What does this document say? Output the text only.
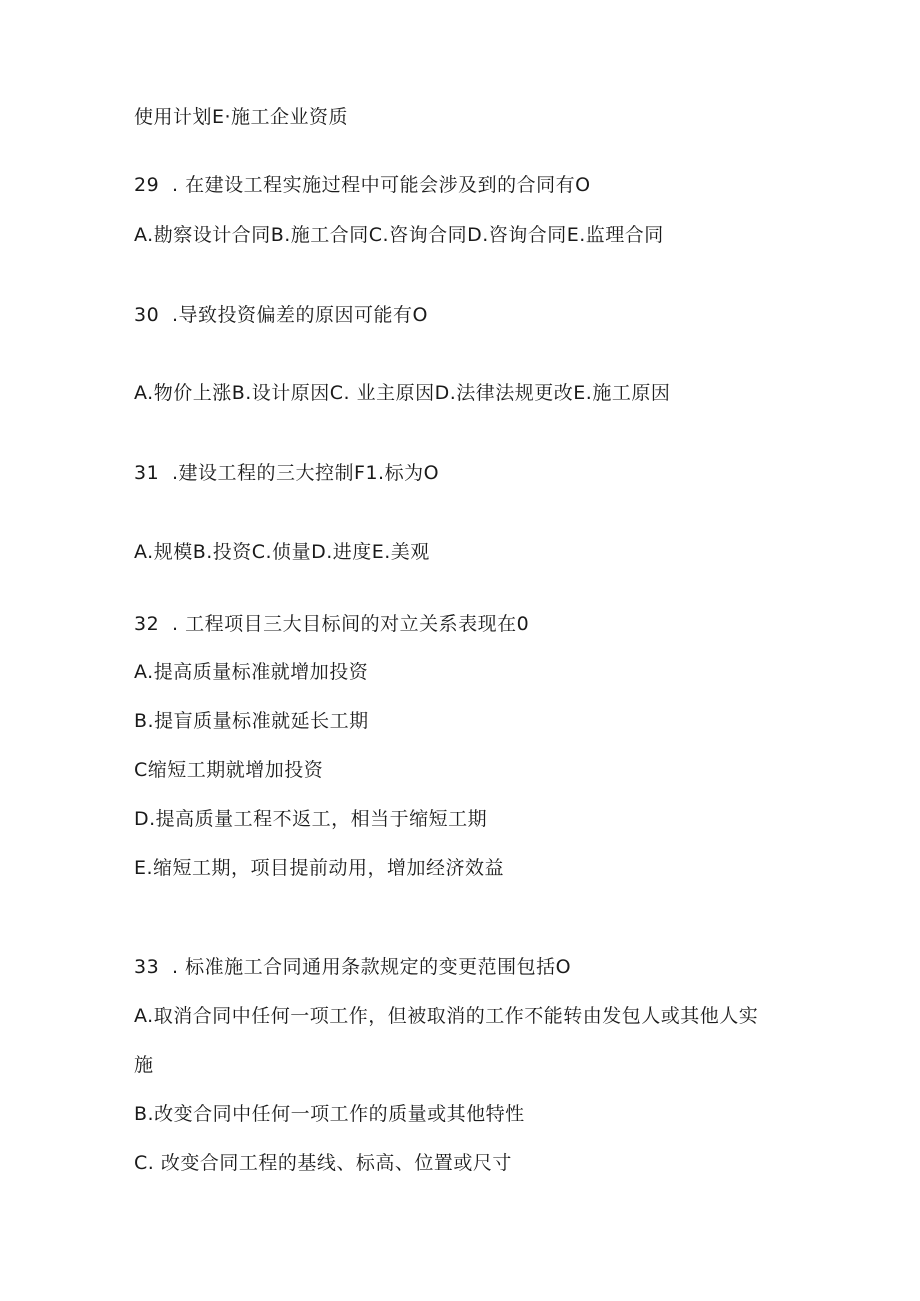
使用计划E·施工企业资质
29 . 在建设工程实施过程中可能会涉及到的合同有O
A.勘察设计合同B.施工合同C.咨询合同D.咨询合同E.监理合同
30 .导致投资偏差的原因可能有O
A.物价上涨B.设计原因C. 业主原因D.法律法规更改E.施工原因
31 .建设工程的三大控制F1.标为O
A.规模B.投资C.侦量D.进度E.美观
32 . 工程项目三大目标间的对立关系表现在0
A.提高质量标准就增加投资
B.提盲质量标准就延长工期
C缩短工期就增加投资
D.提高质量工程不返工，相当于缩短工期
E.缩短工期，项目提前动用，增加经济效益
33 . 标准施工合同通用条款规定的变更范围包括O
A.取消合同中任何一项工作，但被取消的工作不能转由发包人或其他人实
施
B.改变合同中任何一项工作的质量或其他特性
C. 改变合同工程的基线、标高、位置或尺寸
